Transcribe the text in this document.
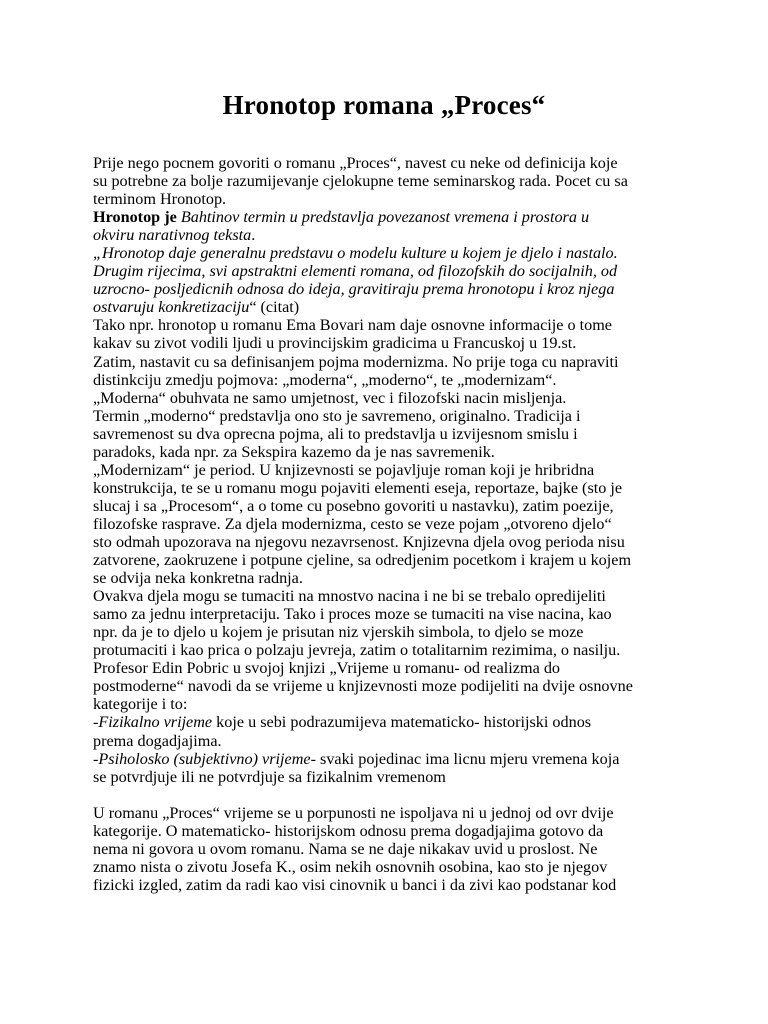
Hronotop romana „Proces“
Prije nego pocnem govoriti o romanu „Proces“, navest cu neke od definicija koje
su potrebne za bolje razumijevanje cjelokupne teme seminarskog rada. Pocet cu sa
terminom Hronotop.
Hronotop je Bahtinov termin u predstavlja povezanost vremena i prostora u
okviru narativnog teksta.
„Hronotop daje generalnu predstavu o modelu kulture u kojem je djelo i nastalo.
Drugim rijecima, svi apstraktni elementi romana, od filozofskih do socijalnih, od
uzrocno- posljedicnih odnosa do ideja, gravitiraju prema hronotopu i kroz njega
ostvaruju konkretizaciju“ (citat)
Tako npr. hronotop u romanu Ema Bovari nam daje osnovne informacije o tome
kakav su zivot vodili ljudi u provincijskim gradicima u Francuskoj u 19.st.
Zatim, nastavit cu sa definisanjem pojma modernizma. No prije toga cu napraviti
distinkciju zmedju pojmova: „moderna“, „moderno“, te „modernizam“.
„Moderna“ obuhvata ne samo umjetnost, vec i filozofski nacin misljenja.
Termin „moderno“ predstavlja ono sto je savremeno, originalno. Tradicija i
savremenost su dva oprecna pojma, ali to predstavlja u izvijesnom smislu i
paradoks, kada npr. za Sekspira kazemo da je nas savremenik.
„Modernizam“ je period. U knjizevnosti se pojavljuje roman koji je hribridna
konstrukcija, te se u romanu mogu pojaviti elementi eseja, reportaze, bajke (sto je
slucaj i sa „Procesom“, a o tome cu posebno govoriti u nastavku), zatim poezije,
filozofske rasprave. Za djela modernizma, cesto se veze pojam „otvoreno djelo“
sto odmah upozorava na njegovu nezavrsenost. Knjizevna djela ovog perioda nisu
zatvorene, zaokruzene i potpune cjeline, sa odredjenim pocetkom i krajem u kojem
se odvija neka konkretna radnja.
Ovakva djela mogu se tumaciti na mnostvo nacina i ne bi se trebalo opredijeliti
samo za jednu interpretaciju. Tako i proces moze se tumaciti na vise nacina, kao
npr. da je to djelo u kojem je prisutan niz vjerskih simbola, to djelo se moze
protumaciti i kao prica o polzaju jevreja, zatim o totalitarnim rezimima, o nasilju.
Profesor Edin Pobric u svojoj knjizi „Vrijeme u romanu- od realizma do
postmoderne“ navodi da se vrijeme u knjizevnosti moze podijeliti na dvije osnovne
kategorije i to:
-Fizikalno vrijeme koje u sebi podrazumijeva matematicko- historijski odnos
prema dogadjajima.
-Psiholosko (subjektivno) vrijeme- svaki pojedinac ima licnu mjeru vremena koja
se potvrdjuje ili ne potvrdjuje sa fizikalnim vremenom
U romanu „Proces“ vrijeme se u porpunosti ne ispoljava ni u jednoj od ovr dvije
kategorije. O matematicko- historijskom odnosu prema dogadjajima gotovo da
nema ni govora u ovom romanu. Nama se ne daje nikakav uvid u proslost. Ne
znamo nista o zivotu Josefa K., osim nekih osnovnih osobina, kao sto je njegov
fizicki izgled, zatim da radi kao visi cinovnik u banci i da zivi kao podstanar kod
